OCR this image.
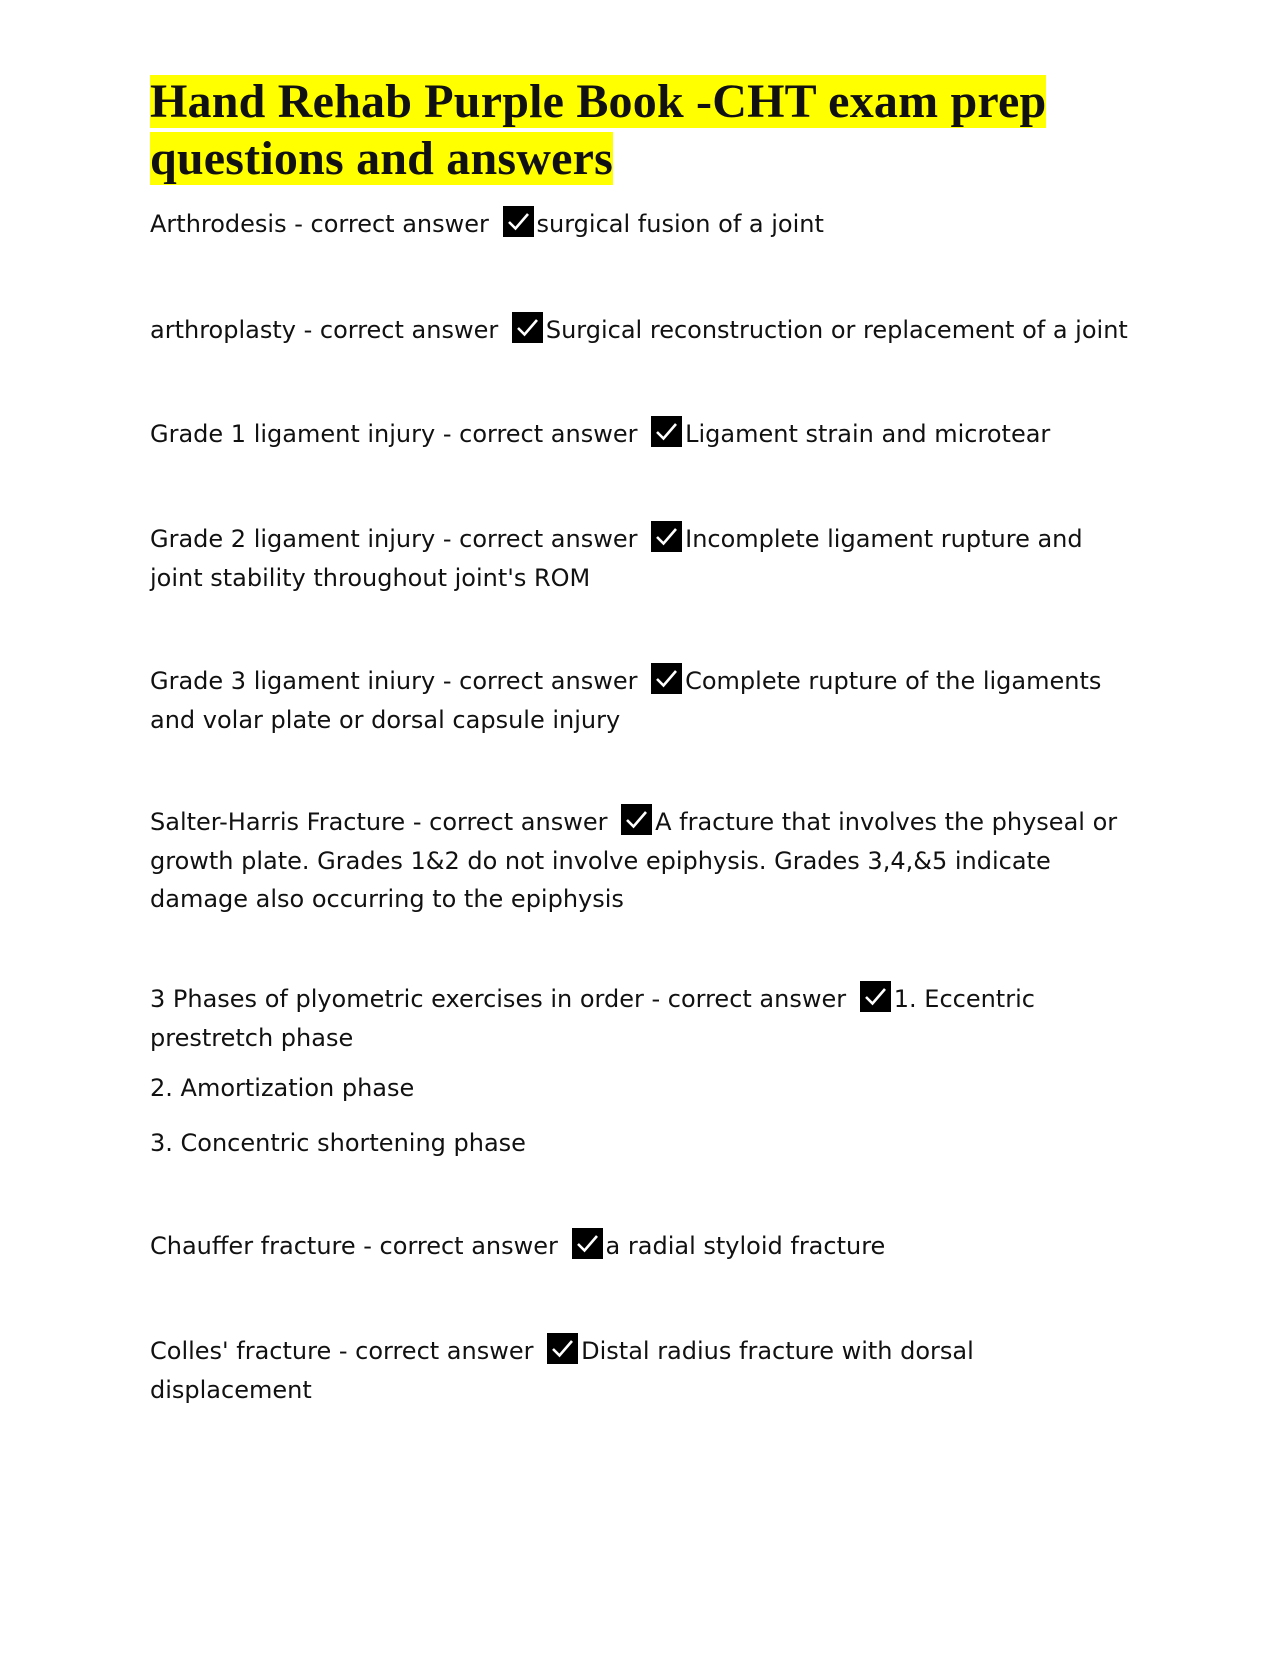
Hand Rehab Purple Book -CHT exam prep questions and answers

Arthrodesis - correct answer
surgical fusion of a joint

arthroplasty - correct answer
Surgical reconstruction or replacement of a joint

Grade 1 ligament injury - correct answer
Ligament strain and microtear

Grade 2 ligament injury - correct answer
Incomplete ligament rupture and joint stability throughout joint's ROM

Grade 3 ligament iniury - correct answer
Complete rupture of the ligaments and volar plate or dorsal capsule injury

Salter-Harris Fracture - correct answer
A fracture that involves the physeal or growth plate. Grades 1&2 do not involve epiphysis. Grades 3,4,&5 indicate damage also occurring to the epiphysis

3 Phases of plyometric exercises in order - correct answer
1. Eccentric prestretch phase

2. Amortization phase
3. Concentric shortening phase

Chauffer fracture - correct answer
a radial styloid fracture

Colles' fracture - correct answer
Distal radius fracture with dorsal displacement
